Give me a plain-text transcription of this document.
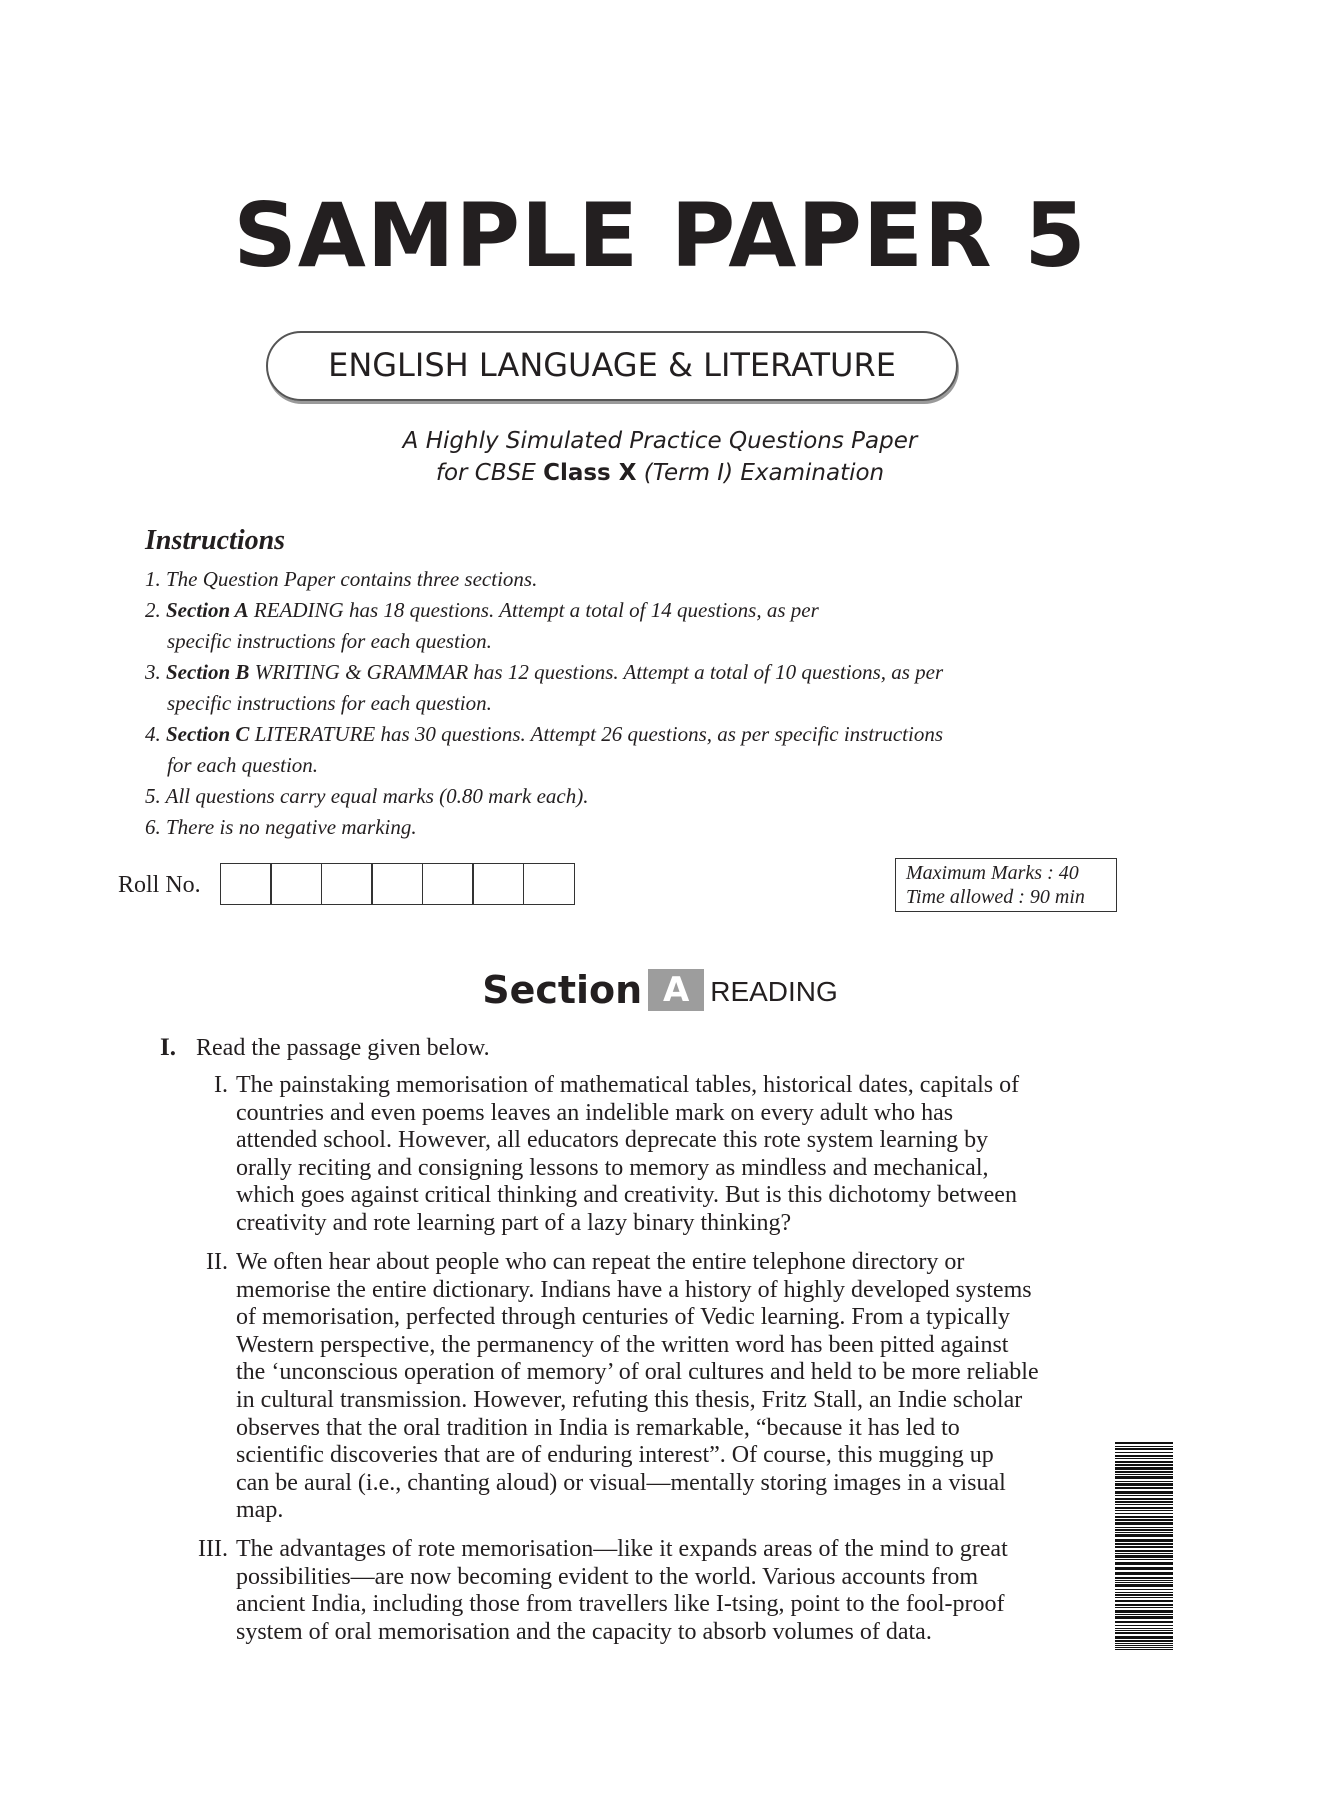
SAMPLE PAPER 5
ENGLISH LANGUAGE & LITERATURE
A Highly Simulated Practice Questions Paper
for CBSE Class X (Term I) Examination
Instructions
1. The Question Paper contains three sections.
2. Section A READING has 18 questions. Attempt a total of 14 questions, as per
specific instructions for each question.
3. Section B WRITING & GRAMMAR has 12 questions. Attempt a total of 10 questions, as per
specific instructions for each question.
4. Section C LITERATURE has 30 questions. Attempt 26 questions, as per specific instructions
for each question.
5. All questions carry equal marks (0.80 mark each).
6. There is no negative marking.
Roll No.	Maximum Marks : 40
Time allowed : 90 min
Section A READING
I. Read the passage given below.
I. The painstaking memorisation of mathematical tables, historical dates, capitals of
countries and even poems leaves an indelible mark on every adult who has
attended school. However, all educators deprecate this rote system learning by
orally reciting and consigning lessons to memory as mindless and mechanical,
which goes against critical thinking and creativity. But is this dichotomy between
creativity and rote learning part of a lazy binary thinking?
II. We often hear about people who can repeat the entire telephone directory or
memorise the entire dictionary. Indians have a history of highly developed systems
of memorisation, perfected through centuries of Vedic learning. From a typically
Western perspective, the permanency of the written word has been pitted against
the ‘unconscious operation of memory’ of oral cultures and held to be more reliable
in cultural transmission. However, refuting this thesis, Fritz Stall, an Indie scholar
observes that the oral tradition in India is remarkable, “because it has led to
scientific discoveries that are of enduring interest”. Of course, this mugging up
can be aural (i.e., chanting aloud) or visual—mentally storing images in a visual
map.
III. The advantages of rote memorisation—like it expands areas of the mind to great
possibilities—are now becoming evident to the world. Various accounts from
ancient India, including those from travellers like I-tsing, point to the fool-proof
system of oral memorisation and the capacity to absorb volumes of data.
